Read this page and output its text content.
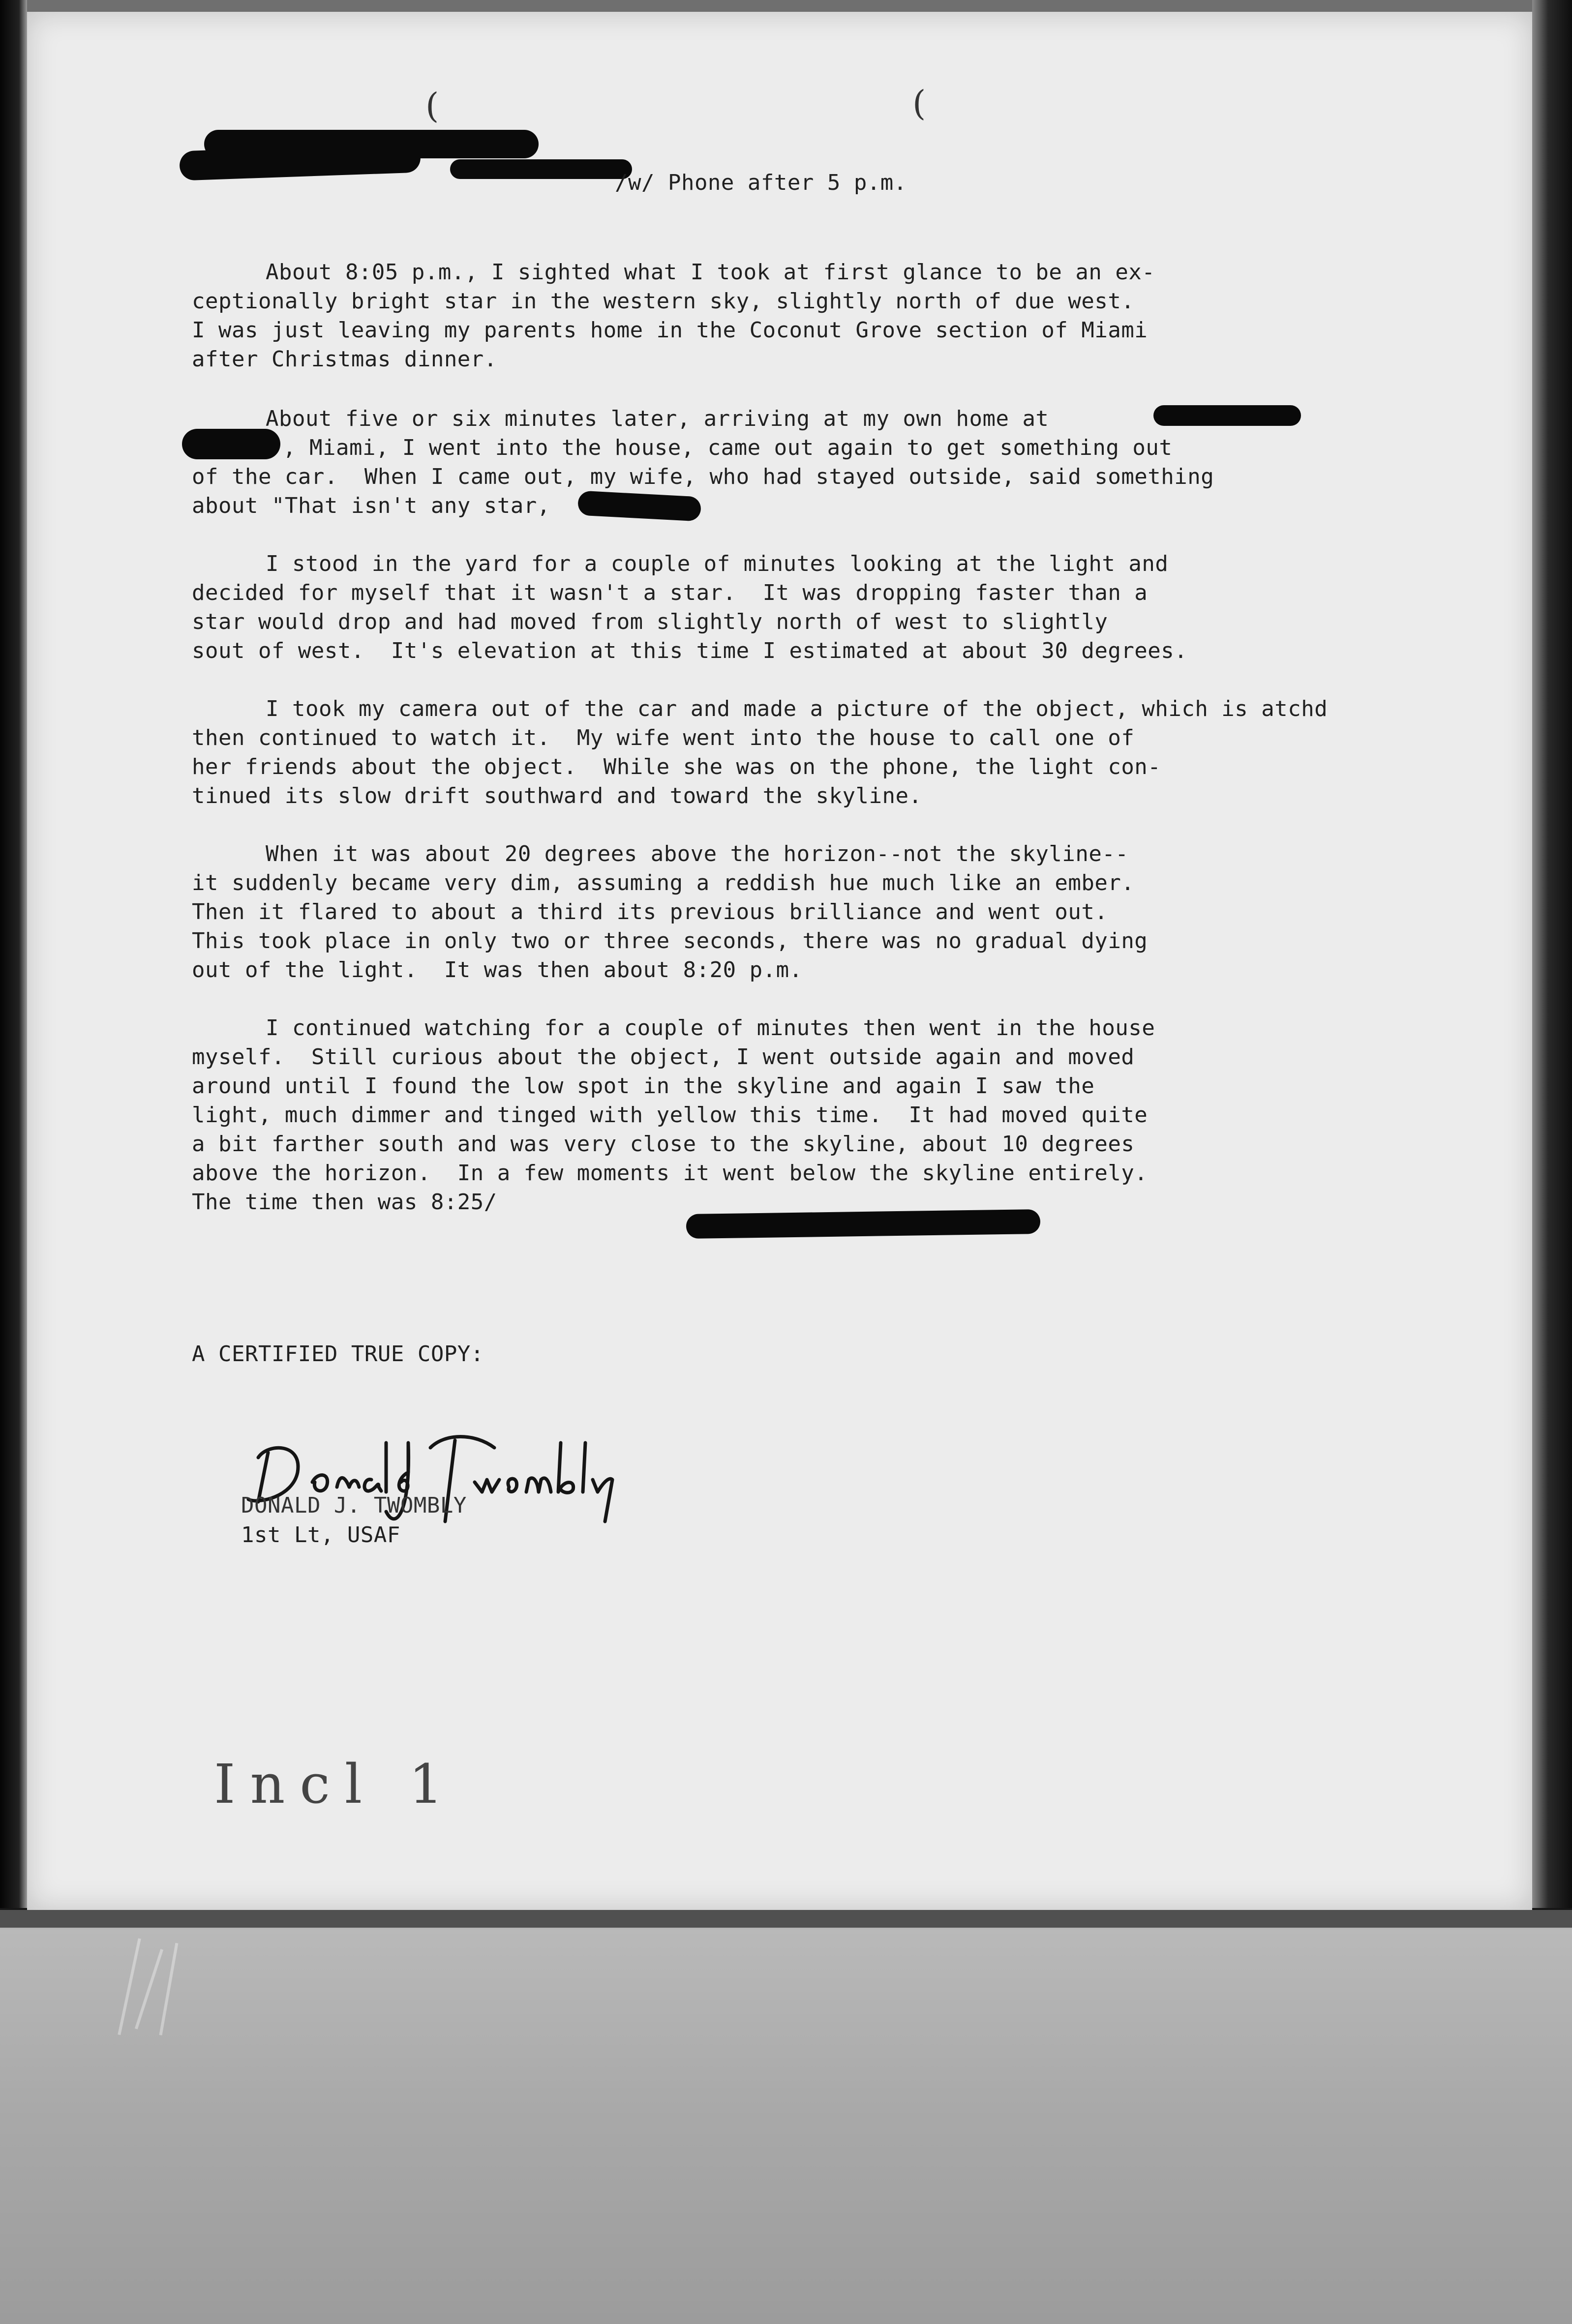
(	(
/w/ Phone after 5 p.m.
About 8:05 p.m., I sighted what I took at first glance to be an ex-
ceptionally bright star in the western sky, slightly north of due west.
I was just leaving my parents home in the Coconut Grove section of Miami
after Christmas dinner.
About five or six minutes later, arriving at my own home at
, Miami, I went into the house, came out again to get something out
of the car.  When I came out, my wife, who had stayed outside, said something
about "That isn't any star,
I stood in the yard for a couple of minutes looking at the light and
decided for myself that it wasn't a star.  It was dropping faster than a
star would drop and had moved from slightly north of west to slightly
sout of west.  It's elevation at this time I estimated at about 30 degrees.
I took my camera out of the car and made a picture of the object, which is atchd
then continued to watch it.  My wife went into the house to call one of
her friends about the object.  While she was on the phone, the light con-
tinued its slow drift southward and toward the skyline.
When it was about 20 degrees above the horizon--not the skyline--
it suddenly became very dim, assuming a reddish hue much like an ember.
Then it flared to about a third its previous brilliance and went out.
This took place in only two or three seconds, there was no gradual dying
out of the light.  It was then about 8:20 p.m.
I continued watching for a couple of minutes then went in the house
myself.  Still curious about the object, I went outside again and moved
around until I found the low spot in the skyline and again I saw the
light, much dimmer and tinged with yellow this time.  It had moved quite
a bit farther south and was very close to the skyline, about 10 degrees
above the horizon.  In a few moments it went below the skyline entirely.
The time then was 8:25/
A CERTIFIED TRUE COPY:
DONALD J. TWOMBLY
1st Lt, USAF
Incl 1
